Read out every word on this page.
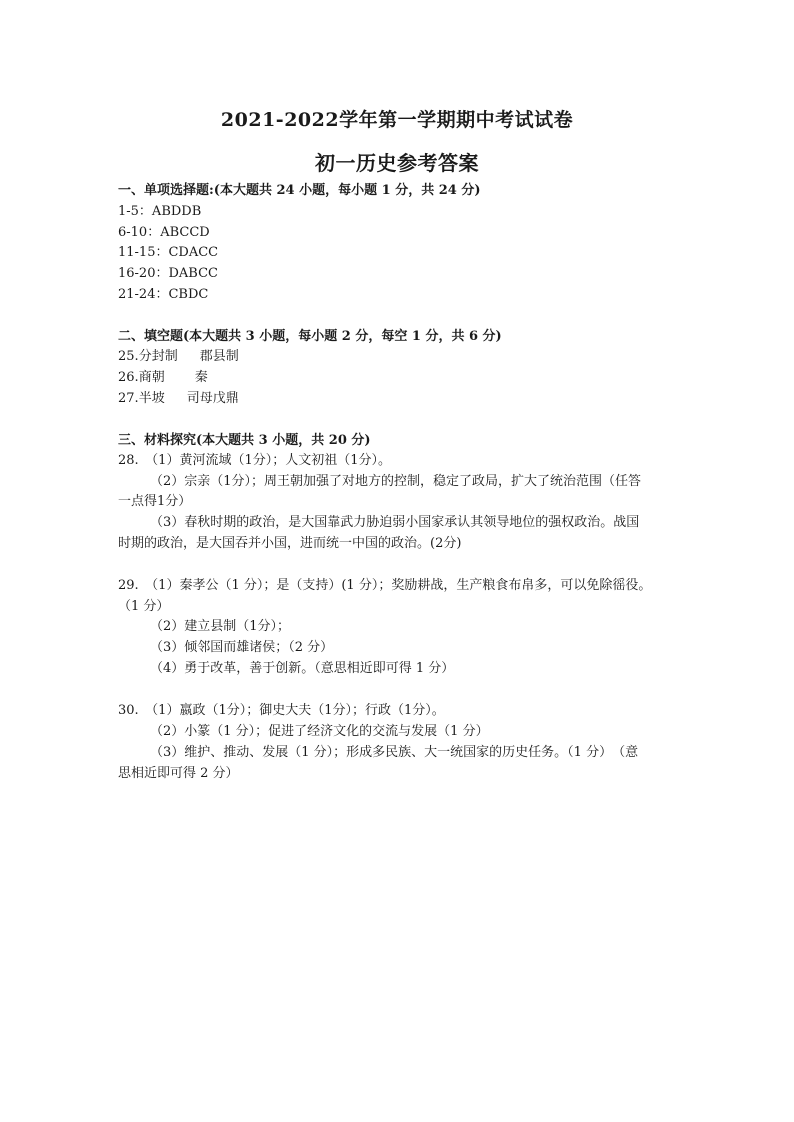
2021-2022学年第一学期期中考试试卷
初一历史参考答案
一、单项选择题:(本大题共 24 小题，每小题 1 分，共 24 分)
1-5：ABDDB
6-10：ABCCD
11-15：CDACC
16-20：DABCC
21-24：CBDC
二、填空题(本大题共 3 小题，每小题 2 分，每空 1 分，共 6 分)
25.分封制 郡县制
26.商朝 秦
27.半坡 司母戊鼎
三、材料探究(本大题共 3 小题，共 20 分)
28.　（1）黄河流域（1分）；人文初祖（1分）。
（2）宗亲（1分）；周王朝加强了对地方的控制，稳定了政局，扩大了统治范围（任答
一点得1分）
（3）春秋时期的政治，是大国靠武力胁迫弱小国家承认其领导地位的强权政治。战国
时期的政治，是大国吞并小国，进而统一中国的政治。(2分)
29.　（1）秦孝公（1 分）；是（支持）(1 分）；奖励耕战，生产粮食布帛多，可以免除徭役。
（1 分）
（2）建立县制（1分）；
（3）倾邻国而雄诸侯；（2 分）
（4）勇于改革，善于创新。（意思相近即可得 1 分）
30.　（1）嬴政（1分）；御史大夫（1分）；行政（1分）。
（2）小篆（1 分）；促进了经济文化的交流与发展（1 分）
（3）维护、推动、发展（1 分）；形成多民族、大一统国家的历史任务。（1 分）　（意
思相近即可得 2 分）
